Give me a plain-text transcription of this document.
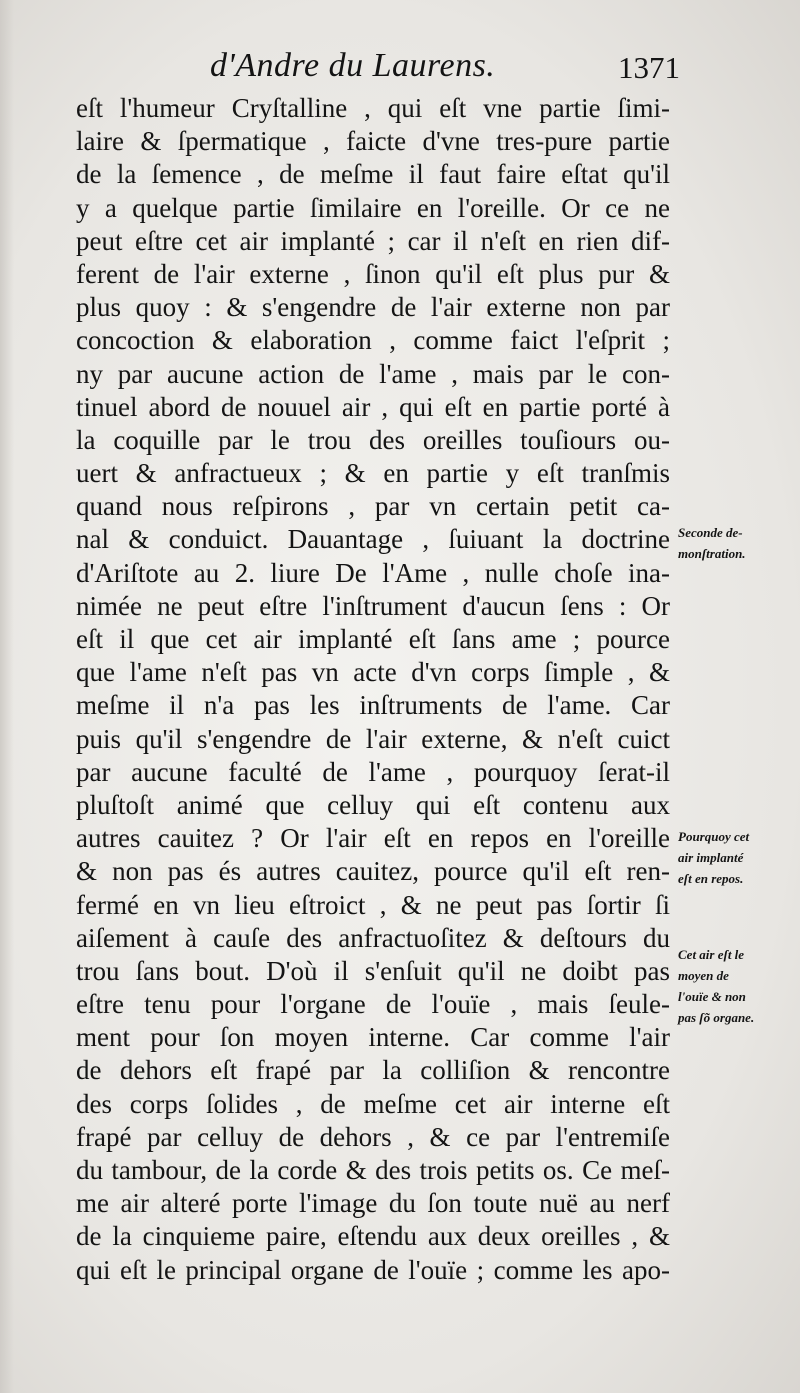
d'Andre du Laurens.	1371
eſt l'humeur Cryſtalline , qui eſt vne partie ſimi-
laire & ſpermatique , faicte d'vne tres-pure partie
de la ſemence , de meſme il faut faire eſtat qu'il
y a quelque partie ſimilaire en l'oreille. Or ce ne
peut eſtre cet air implanté ; car il n'eſt en rien dif-
ferent de l'air externe , ſinon qu'il eſt plus pur &
plus quoy : & s'engendre de l'air externe non par
concoction & elaboration , comme faict l'eſprit ;
ny par aucune action de l'ame , mais par le con-
tinuel abord de nouuel air , qui eſt en partie porté à
la coquille par le trou des oreilles touſiours ou-
uert & anfractueux ; & en partie y eſt tranſmis
quand nous reſpirons , par vn certain petit ca-
nal & conduict. Dauantage , ſuiuant la doctrine
d'Ariſtote au 2. liure De l'Ame , nulle choſe ina-
nimée ne peut eſtre l'inſtrument d'aucun ſens : Or
eſt il que cet air implanté eſt ſans ame ; pource
que l'ame n'eſt pas vn acte d'vn corps ſimple , &
meſme il n'a pas les inſtruments de l'ame. Car
puis qu'il s'engendre de l'air externe, & n'eſt cuict
par aucune faculté de l'ame , pourquoy ſerat-il
pluſtoſt animé que celluy qui eſt contenu aux
autres cauitez ? Or l'air eſt en repos en l'oreille
& non pas és autres cauitez, pource qu'il eſt ren-
fermé en vn lieu eſtroict , & ne peut pas ſortir ſi
aiſement à cauſe des anfractuoſitez & deſtours du
trou ſans bout. D'où il s'enſuit qu'il ne doibt pas
eſtre tenu pour l'organe de l'ouïe , mais ſeule-
ment pour ſon moyen interne. Car comme l'air
de dehors eſt frapé par la colliſion & rencontre
des corps ſolides , de meſme cet air interne eſt
frapé par celluy de dehors , & ce par l'entremiſe
du tambour, de la corde & des trois petits os. Ce meſ-
me air alteré porte l'image du ſon toute nuë au nerf
de la cinquieme paire, eſtendu aux deux oreilles , &
qui eſt le principal organe de l'ouïe ; comme les apo-
Seconde de-
monſtration.
Pourquoy cet
air implanté
eſt en repos.
Cet air eſt le
moyen de
l'ouïe & non
pas ſõ organe.
